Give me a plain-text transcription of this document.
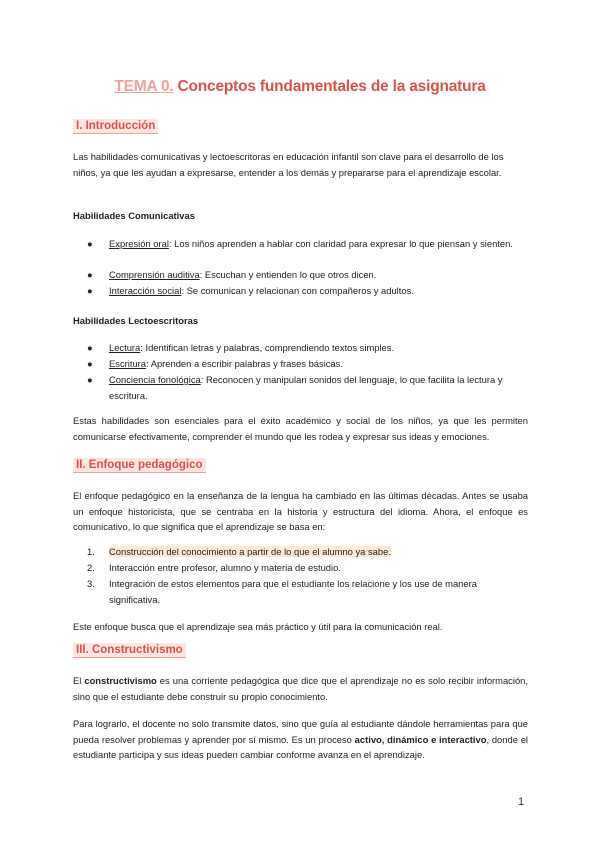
TEMA 0. Conceptos fundamentales de la asignatura
I. Introducción
Las habilidades comunicativas y lectoescritoras en educación infantil son clave para el desarrollo de los niños, ya que les ayudan a expresarse, entender a los demás y prepararse para el aprendizaje escolar.
Habilidades Comunicativas
●	Expresión oral: Los niños aprenden a hablar con claridad para expresar lo que piensan y sienten.
●	Comprensión auditiva: Escuchan y entienden lo que otros dicen.
●	Interacción social: Se comunican y relacionan con compañeros y adultos.
Habilidades Lectoescritoras
●	Lectura: Identifican letras y palabras, comprendiendo textos simples.
●	Escritura: Aprenden a escribir palabras y frases básicas.
●	Conciencia fonológica: Reconocen y manipulan sonidos del lenguaje, lo que facilita la lectura y escritura.
Estas habilidades son esenciales para el éxito académico y social de los niños, ya que les permiten comunicarse efectivamente, comprender el mundo que les rodea y expresar sus ideas y emociones.
II. Enfoque pedagógico
El enfoque pedagógico en la enseñanza de la lengua ha cambiado en las últimas décadas. Antes se usaba un enfoque historicista, que se centraba en la historia y estructura del idioma. Ahora, el enfoque es comunicativo, lo que significa que el aprendizaje se basa en:
1.	Construcción del conocimiento a partir de lo que el alumno ya sabe.
2.	Interacción entre profesor, alumno y materia de estudio.
3.	Integración de estos elementos para que el estudiante los relacione y los use de manera significativa.
Este enfoque busca que el aprendizaje sea más práctico y útil para la comunicación real.
III. Constructivismo
El constructivismo es una corriente pedagógica que dice que el aprendizaje no es solo recibir información, sino que el estudiante debe construir su propio conocimiento.
Para lograrlo, el docente no solo transmite datos, sino que guía al estudiante dándole herramientas para que pueda resolver problemas y aprender por sí mismo. Es un proceso activo, dinámico e interactivo, donde el estudiante participa y sus ideas pueden cambiar conforme avanza en el aprendizaje.
1
